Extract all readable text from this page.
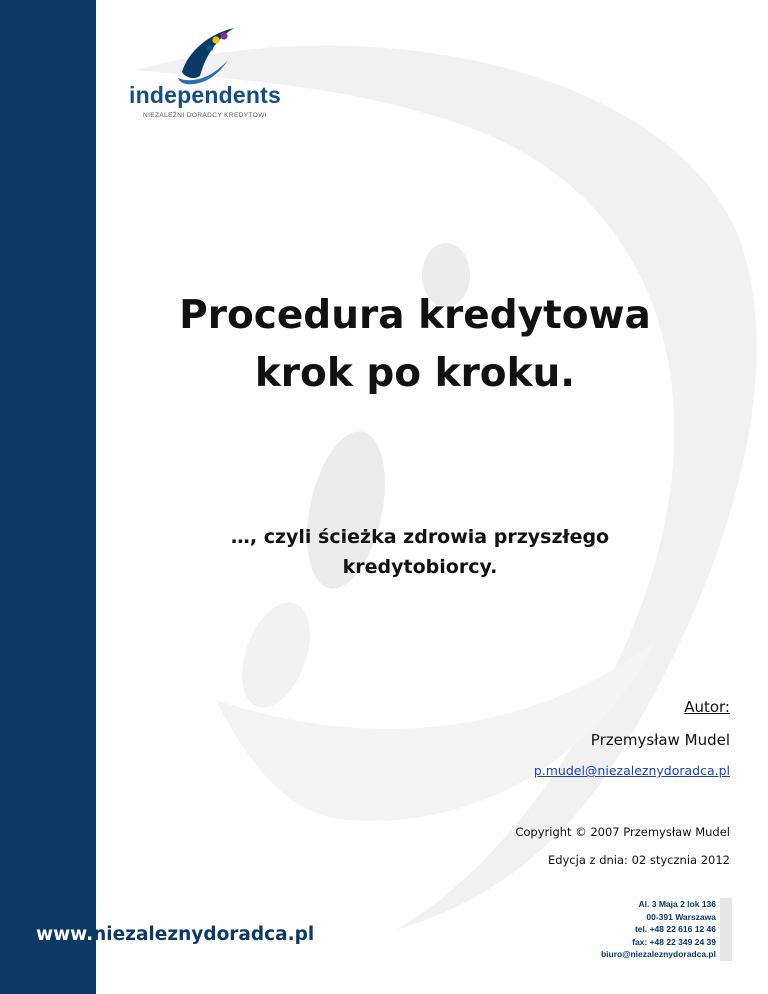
independents
NIEZALEŻNI DORADCY KREDYTOWI
Procedura kredytowa
krok po kroku.
…, czyli ścieżka zdrowia przyszłego
kredytobiorcy.
Autor:
Przemysław Mudel
p.mudel@niezaleznydoradca.pl
Copyright © 2007 Przemysław Mudel
Edycja z dnia: 02 stycznia 2012
www.niezaleznydoradca.pl
Al. 3 Maja 2 lok 136
00-391 Warszawa
tel. +48 22 616 12 46
fax: +48 22 349 24 39
biuro@niezaleznydoradca.pl
